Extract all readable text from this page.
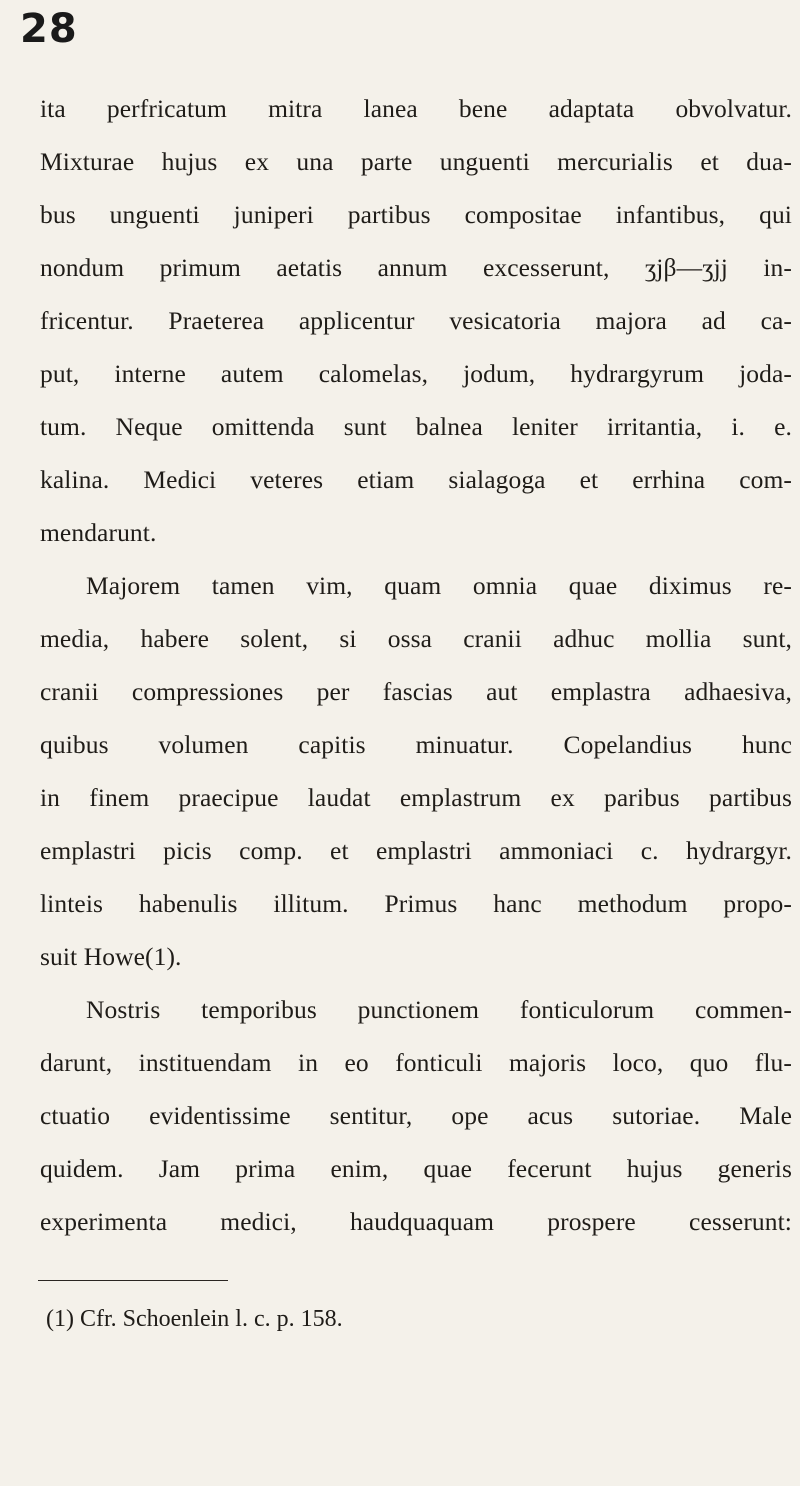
28
ita perfricatum mitra lanea bene adaptata obvolvatur.
Mixturae hujus ex una parte unguenti mercurialis et dua-
bus unguenti juniperi partibus compositae infantibus, qui
nondum primum aetatis annum excesserunt, ʒjβ—ʒjj in-
fricentur. Praeterea applicentur vesicatoria majora ad ca-
put, interne autem calomelas, jodum, hydrargyrum joda-
tum. Neque omittenda sunt balnea leniter irritantia, i. e.
kalina. Medici veteres etiam sialagoga et errhina com-
mendarunt.
Majorem tamen vim, quam omnia quae diximus re-
media, habere solent, si ossa cranii adhuc mollia sunt,
cranii compressiones per fascias aut emplastra adhaesiva,
quibus volumen capitis minuatur. Copelandius hunc
in finem praecipue laudat emplastrum ex paribus partibus
emplastri picis comp. et emplastri ammoniaci c. hydrargyr.
linteis habenulis illitum. Primus hanc methodum propo-
suit Howe(1).
Nostris temporibus punctionem fonticulorum commen-
darunt, instituendam in eo fonticuli majoris loco, quo flu-
ctuatio evidentissime sentitur, ope acus sutoriae. Male
quidem. Jam prima enim, quae fecerunt hujus generis
experimenta medici, haudquaquam prospere cesserunt:
(1) Cfr. Schoenlein l. c. p. 158.
